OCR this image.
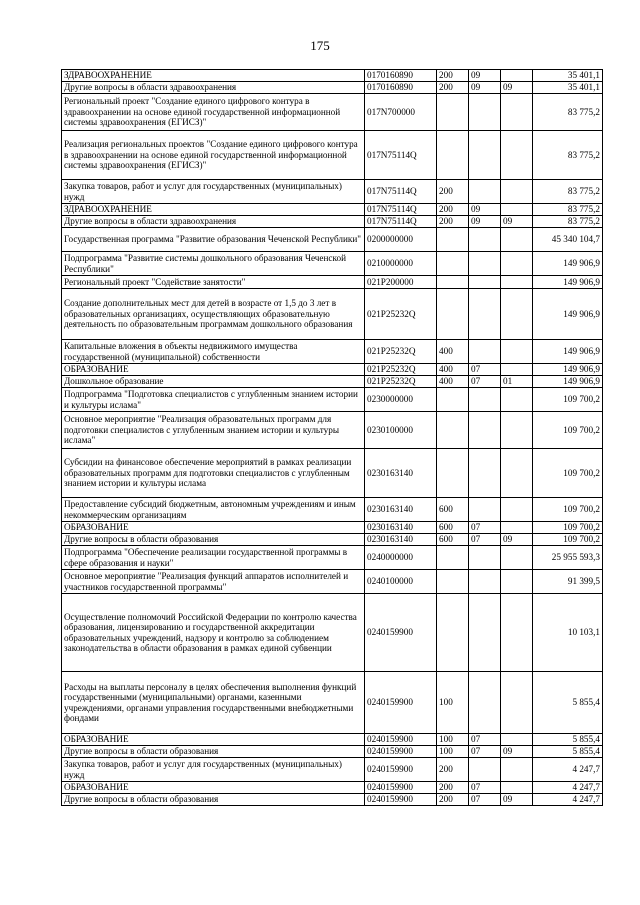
175
ЗДРАВООХРАНЕНИЕ	0170160890	200	09		35 401,1
Другие вопросы в области здравоохранения	0170160890	200	09	09	35 401,1
Региональный проект "Создание единого цифрового контура в здравоохранении на основе единой государственной информационной системы здравоохранения (ЕГИСЗ)"	017N700000				83 775,2
Реализация региональных проектов "Создание единого цифрового контура в здравоохранении на основе единой государственной информационной системы здравоохранения (ЕГИСЗ)"	017N75114Q				83 775,2
Закупка товаров, работ и услуг для государственных (муниципальных) нужд	017N75114Q	200			83 775,2
ЗДРАВООХРАНЕНИЕ	017N75114Q	200	09		83 775,2
Другие вопросы в области здравоохранения	017N75114Q	200	09	09	83 775,2
Государственная программа "Развитие образования Чеченской Республики"	0200000000				45 340 104,7
Подпрограмма "Развитие системы дошкольного образования Чеченской Республики"	0210000000				149 906,9
Региональный проект "Содействие занятости"	021P200000				149 906,9
Создание дополнительных мест для детей в возрасте от 1,5 до 3 лет в образовательных организациях, осуществляющих образовательную деятельность по образовательным программам дошкольного образования	021P25232Q				149 906,9
Капитальные вложения в объекты недвижимого имущества государственной (муниципальной) собственности	021P25232Q	400			149 906,9
ОБРАЗОВАНИЕ	021P25232Q	400	07		149 906,9
Дошкольное образование	021P25232Q	400	07	01	149 906,9
Подпрограмма "Подготовка специалистов с углубленным знанием истории и культуры ислама"	0230000000				109 700,2
Основное мероприятие "Реализация образовательных программ для подготовки специалистов с углубленным знанием истории и культуры ислама"	0230100000				109 700,2
Субсидии на финансовое обеспечение мероприятий в рамках реализации образовательных программ для подготовки специалистов с углубленным знанием истории и культуры ислама	0230163140				109 700,2
Предоставление субсидий бюджетным, автономным учреждениям и иным некоммерческим организациям	0230163140	600			109 700,2
ОБРАЗОВАНИЕ	0230163140	600	07		109 700,2
Другие вопросы в области образования	0230163140	600	07	09	109 700,2
Подпрограмма "Обеспечение реализации государственной программы в сфере образования и науки"	0240000000				25 955 593,3
Основное мероприятие "Реализация функций аппаратов исполнителей и участников государственной программы"	0240100000				91 399,5
Осуществление полномочий Российской Федерации по контролю качества образования, лицензированию и государственной аккредитации образовательных учреждений, надзору и контролю за соблюдением законодательства в области образования в рамках единой субвенции	0240159900				10 103,1
Расходы на выплаты персоналу в целях обеспечения выполнения функций государственными (муниципальными) органами, казенными учреждениями, органами управления государственными внебюджетными фондами	0240159900	100			5 855,4
ОБРАЗОВАНИЕ	0240159900	100	07		5 855,4
Другие вопросы в области образования	0240159900	100	07	09	5 855,4
Закупка товаров, работ и услуг для государственных (муниципальных) нужд	0240159900	200			4 247,7
ОБРАЗОВАНИЕ	0240159900	200	07		4 247,7
Другие вопросы в области образования	0240159900	200	07	09	4 247,7
